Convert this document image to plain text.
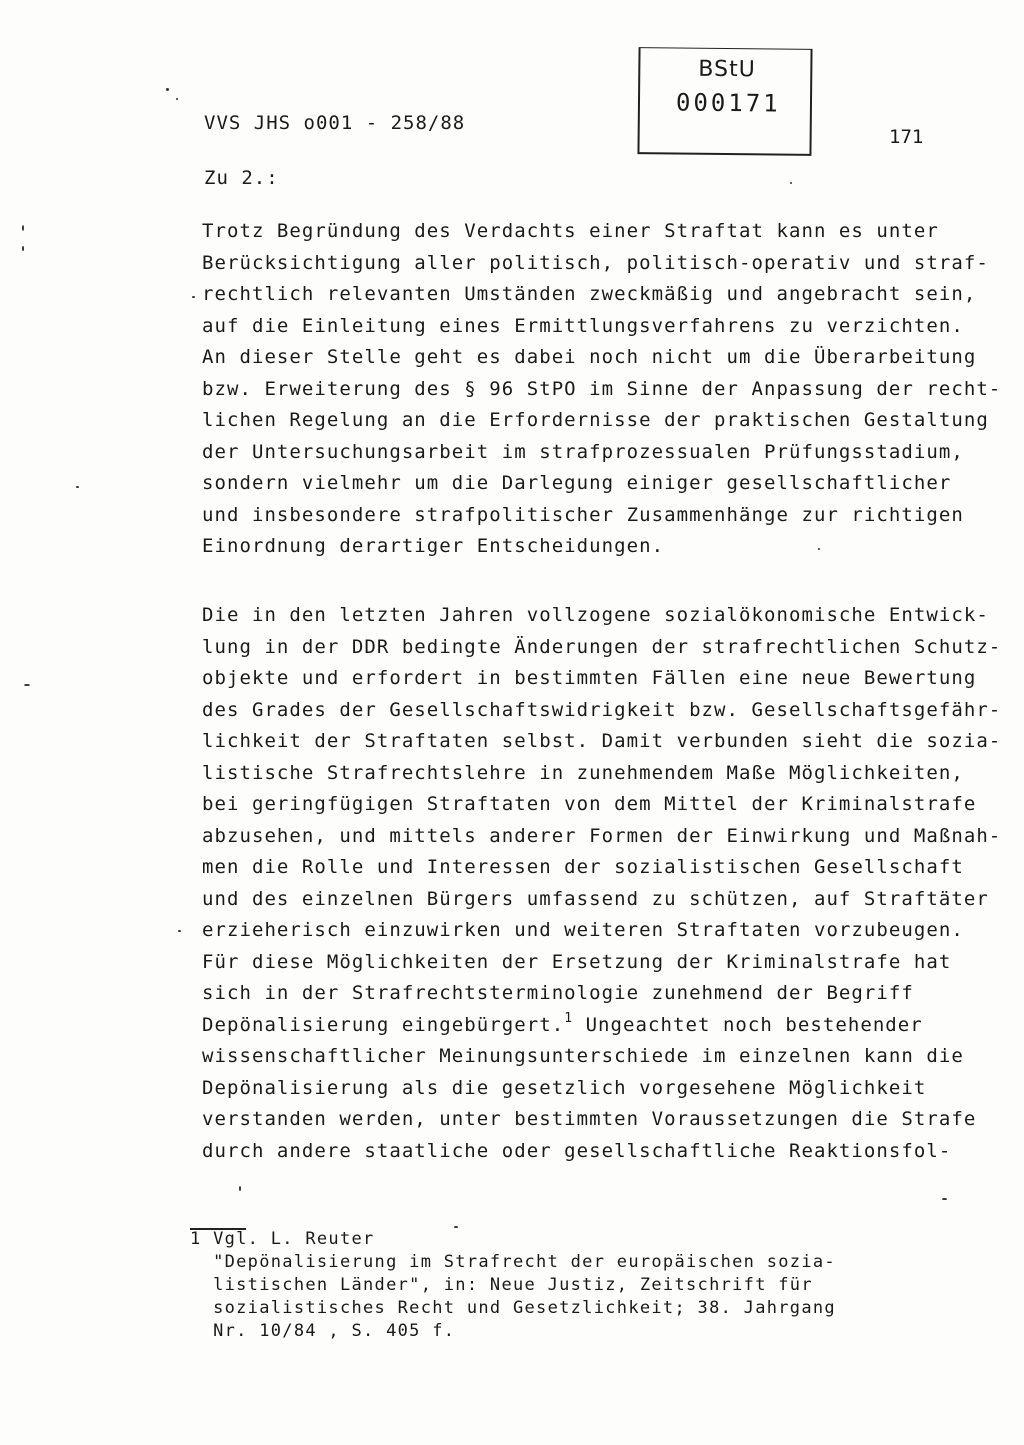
VVS JHS o001 - 258/88
BStU
000171
171
Zu 2.:
Trotz Begründung des Verdachts einer Straftat kann es unter
Berücksichtigung aller politisch, politisch-operativ und straf-
rechtlich relevanten Umständen zweckmäßig und angebracht sein,
auf die Einleitung eines Ermittlungsverfahrens zu verzichten.
An dieser Stelle geht es dabei noch nicht um die Überarbeitung
bzw. Erweiterung des § 96 StPO im Sinne der Anpassung der recht-
lichen Regelung an die Erfordernisse der praktischen Gestaltung
der Untersuchungsarbeit im strafprozessualen Prüfungsstadium,
sondern vielmehr um die Darlegung einiger gesellschaftlicher
und insbesondere strafpolitischer Zusammenhänge zur richtigen
Einordnung derartiger Entscheidungen.
Die in den letzten Jahren vollzogene sozialökonomische Entwick-
lung in der DDR bedingte Änderungen der strafrechtlichen Schutz-
objekte und erfordert in bestimmten Fällen eine neue Bewertung
des Grades der Gesellschaftswidrigkeit bzw. Gesellschaftsgefähr-
lichkeit der Straftaten selbst. Damit verbunden sieht die sozia-
listische Strafrechtslehre in zunehmendem Maße Möglichkeiten,
bei geringfügigen Straftaten von dem Mittel der Kriminalstrafe
abzusehen, und mittels anderer Formen der Einwirkung und Maßnah-
men die Rolle und Interessen der sozialistischen Gesellschaft
und des einzelnen Bürgers umfassend zu schützen, auf Straftäter
erzieherisch einzuwirken und weiteren Straftaten vorzubeugen.
Für diese Möglichkeiten der Ersetzung der Kriminalstrafe hat
sich in der Strafrechtsterminologie zunehmend der Begriff
Depönalisierung eingebürgert.$^1$ Ungeachtet noch bestehender
wissenschaftlicher Meinungsunterschiede im einzelnen kann die
Depönalisierung als die gesetzlich vorgesehene Möglichkeit
verstanden werden, unter bestimmten Voraussetzungen die Strafe
durch andere staatliche oder gesellschaftliche Reaktionsfol-
1 Vgl. L. Reuter
"Depönalisierung im Strafrecht der europäischen sozia-
listischen Länder", in: Neue Justiz, Zeitschrift für
sozialistisches Recht und Gesetzlichkeit; 38. Jahrgang
Nr. 10/84 , S. 405 f.
